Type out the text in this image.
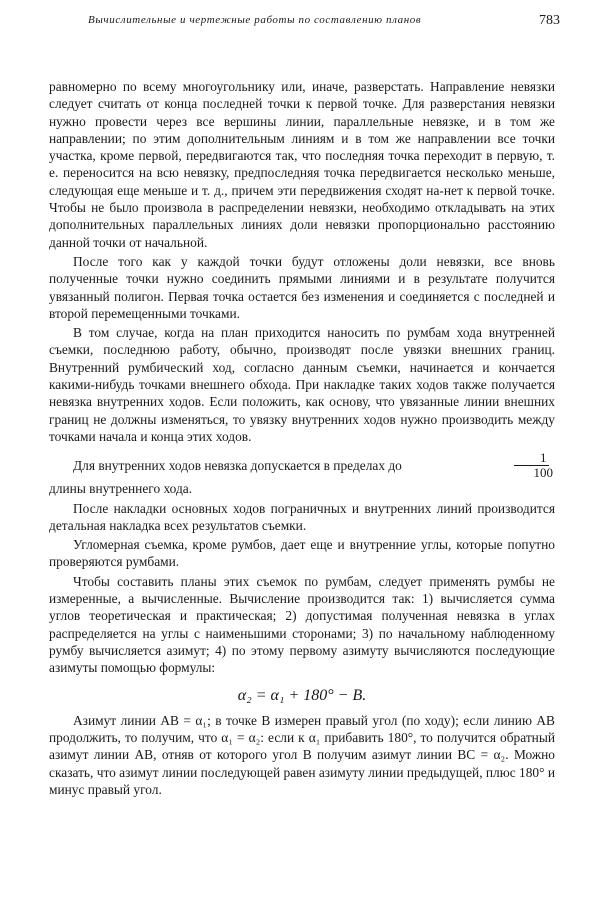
Вычислительные и чертежные работы по составлению планов	783

равномерно по всему многоугольнику или, иначе, разверстать. Направление невязки следует считать от конца последней точки к первой точке. Для разверстания невязки нужно провести через все вершины линии, параллельные невязке, и в том же направлении; по этим дополнительным линиям и в том же направлении все точки участка, кроме первой, передвигаются так, что последняя точка переходит в первую, т. е. переносится на всю невязку, предпоследняя точка передвигается несколько меньше, следующая еще меньше и т. д., причем эти передвижения сходят на-нет к первой точке. Чтобы не было произвола в распределении невязки, необходимо откладывать на этих дополнительных параллельных линиях доли невязки пропорционально расстоянию данной точки от начальной.

После того как у каждой точки будут отложены доли невязки, все вновь полученные точки нужно соединить прямыми линиями и в результате получится увязанный полигон. Первая точка остается без изменения и соединяется с последней и второй перемещенными точками.

В том случае, когда на план приходится наносить по румбам хода внутренней съемки, последнюю работу, обычно, производят после увязки внешних границ. Внутренний румбический ход, согласно данным съемки, начинается и кончается какими-нибудь точками внешнего обхода. При накладке таких ходов также получается невязка внутренних ходов. Если положить, как основу, что увязанные линии внешних границ не должны изменяться, то увязку внутренних ходов нужно производить между точками начала и конца этих ходов.

Для внутренних ходов невязка допускается в пределах до	$\frac{1}{100}$

длины внутреннего хода.

После накладки основных ходов пограничных и внутренних линий производится детальная накладка всех результатов съемки.

Угломерная съемка, кроме румбов, дает еще и внутренние углы, которые попутно проверяются румбами.

Чтобы составить планы этих съемок по румбам, следует применять румбы не измеренные, а вычисленные. Вычисление производится так: 1) вычисляется сумма углов теоретическая и практическая; 2) допустимая полученная невязка в углах распределяется на углы с наименьшими сторонами; 3) по начальному наблюденному румбу вычисляется азимут; 4) по этому первому азимуту вычисляются последующие азимуты помощью формулы:

α₂ = α₁ + 180° − B.

Азимут линии AB = α₁; в точке B измерен правый угол (по ходу); если линию AB продолжить, то получим, что α₁ = α₂: если к α₁ прибавить 180°, то получится обратный азимут линии AB, отняв от которого угол B получим азимут линии BC = α₂. Можно сказать, что азимут линии последующей равен азимуту линии предыдущей, плюс 180° и минус правый угол.
